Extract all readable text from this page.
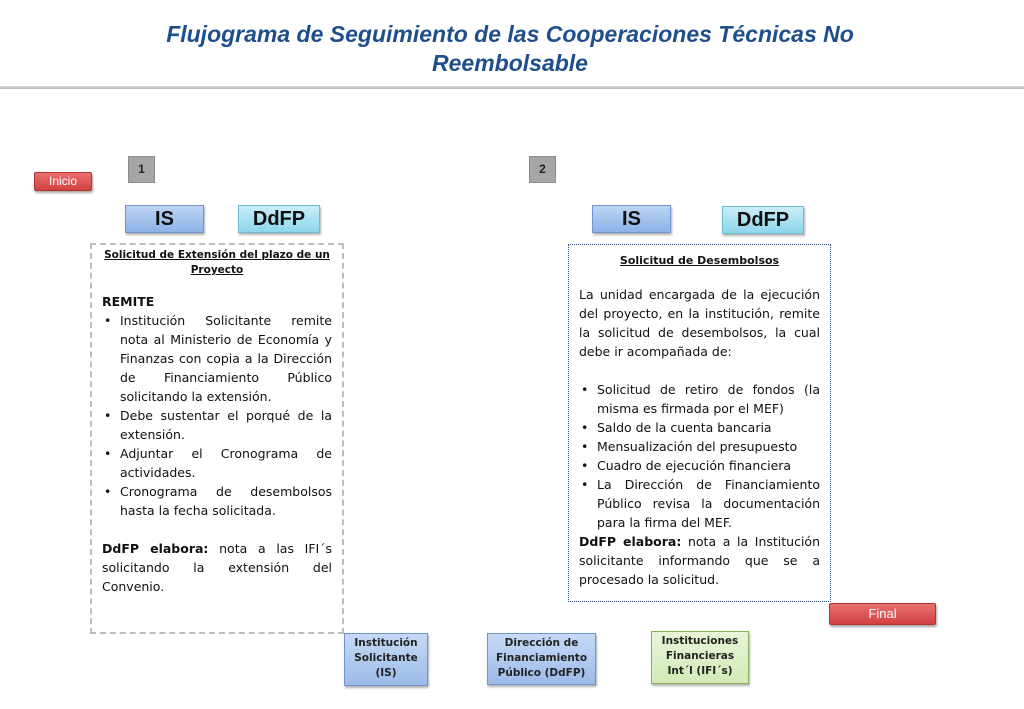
Flujograma de Seguimiento de las Cooperaciones Técnicas No Reembolsable
Inicio
Final
1
IS	DdFP
Solicitud de Extensión del plazo de un Proyecto
REMITE
• Institución Solicitante remite nota al Ministerio de Economía y Finanzas con copia a la Dirección de Financiamiento Público solicitando la extensión.
• Debe sustentar el porqué de la extensión.
• Adjuntar el Cronograma de actividades.
• Cronograma de desembolsos hasta la fecha solicitada.
DdFP elabora: nota a las IFI´s solicitando la extensión del Convenio.
2
IS	DdFP
Solicitud de Desembolsos
La unidad encargada de la ejecución del proyecto, en la institución, remite la solicitud de desembolsos, la cual debe ir acompañada de:
• Solicitud de retiro de fondos (la misma es firmada por el MEF)
• Saldo de la cuenta bancaria
• Mensualización del presupuesto
• Cuadro de ejecución financiera
• La Dirección de Financiamiento Público revisa la documentación para la firma del MEF.
DdFP elabora: nota a la Institución solicitante informando que se a procesado la solicitud.
Institución
Solicitante
(IS)
Dirección de
Financiamiento
Público (DdFP)
Instituciones
Financieras
Int´l (IFI´s)
